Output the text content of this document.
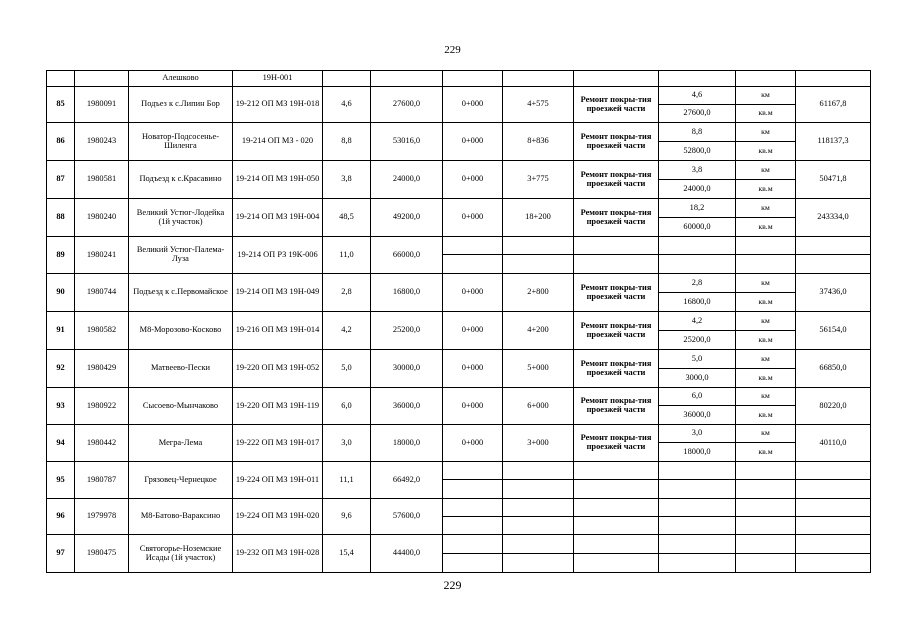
229
		Алешково	19Н-001								
85	1980091	Подъез к с.Липин Бор	19-212 ОП МЗ 19Н-018	4,6	27600,0	0+000	4+575	Ремонт покры-тия проезжей части	4,6	км	61167,8
									27600,0	кв.м	
86	1980243	Новатор-Подсосенье-Шиленга	19-214 ОП МЗ - 020	8,8	53016,0	0+000	8+836	Ремонт покры-тия проезжей части	8,8	км	118137,3
									52800,0	кв.м	
87	1980581	Подъезд к с.Красавино	19-214 ОП МЗ 19Н-050	3,8	24000,0	0+000	3+775	Ремонт покры-тия проезжей части	3,8	км	50471,8
									24000,0	кв.м	
88	1980240	Великий Устюг-Лодейка (1й участок)	19-214 ОП МЗ 19Н-004	48,5	49200,0	0+000	18+200	Ремонт покры-тия проезжей части	18,2	км	243334,0
									60000,0	кв.м	
89	1980241	Великий Устюг-Палема-Луза	19-214 ОП РЗ 19К-006	11,0	66000,0						

90	1980744	Подъезд к с.Первомайское	19-214 ОП МЗ 19Н-049	2,8	16800,0	0+000	2+800	Ремонт покры-тия проезжей части	2,8	км	37436,0
									16800,0	кв.м	
91	1980582	М8-Морозово-Косково	19-216 ОП МЗ 19Н-014	4,2	25200,0	0+000	4+200	Ремонт покры-тия проезжей части	4,2	км	56154,0
									25200,0	кв.м	
92	1980429	Матвеево-Пески	19-220 ОП МЗ 19Н-052	5,0	30000,0	0+000	5+000	Ремонт покры-тия проезжей части	5,0	км	66850,0
									3000,0	кв.м	
93	1980922	Сысоево-Мынчаково	19-220 ОП МЗ 19Н-119	6,0	36000,0	0+000	6+000	Ремонт покры-тия проезжей части	6,0	км	80220,0
									36000,0	кв.м	
94	1980442	Мегра-Лема	19-222 ОП МЗ 19Н-017	3,0	18000,0	0+000	3+000	Ремонт покры-тия проезжей части	3,0	км	40110,0
									18000,0	кв.м	
95	1980787	Грязовец-Чернецкое	19-224 ОП МЗ 19Н-011	11,1	66492,0						

96	1979978	М8-Батово-Вараксино	19-224 ОП МЗ 19Н-020	9,6	57600,0						

97	1980475	Святогорье-Ноземские Исады (1й участок)	19-232 ОП МЗ 19Н-028	15,4	44400,0						

229
